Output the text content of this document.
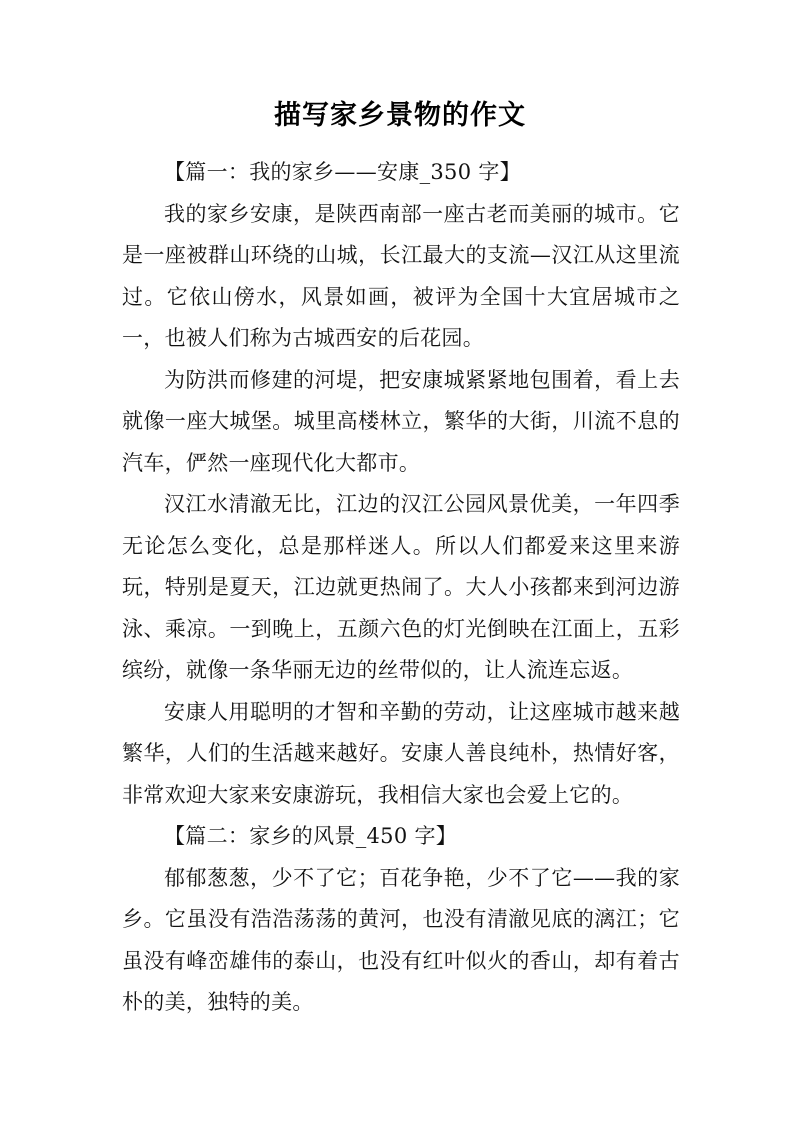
描写家乡景物的作文

【篇一：我的家乡——安康_350 字】

我的家乡安康，是陕西南部一座古老而美丽的城市。它是一座被群山环绕的山城，长江最大的支流—汉江从这里流过。它依山傍水，风景如画，被评为全国十大宜居城市之一，也被人们称为古城西安的后花园。

为防洪而修建的河堤，把安康城紧紧地包围着，看上去就像一座大城堡。城里高楼林立，繁华的大街，川流不息的汽车，俨然一座现代化大都市。

汉江水清澈无比，江边的汉江公园风景优美，一年四季无论怎么变化，总是那样迷人。所以人们都爱来这里来游玩，特别是夏天，江边就更热闹了。大人小孩都来到河边游泳、乘凉。一到晚上，五颜六色的灯光倒映在江面上，五彩缤纷，就像一条华丽无边的丝带似的，让人流连忘返。

安康人用聪明的才智和辛勤的劳动，让这座城市越来越繁华，人们的生活越来越好。安康人善良纯朴，热情好客，非常欢迎大家来安康游玩，我相信大家也会爱上它的。

【篇二：家乡的风景_450 字】

郁郁葱葱，少不了它；百花争艳，少不了它——我的家乡。它虽没有浩浩荡荡的黄河，也没有清澈见底的漓江；它虽没有峰峦雄伟的泰山，也没有红叶似火的香山，却有着古朴的美，独特的美。
